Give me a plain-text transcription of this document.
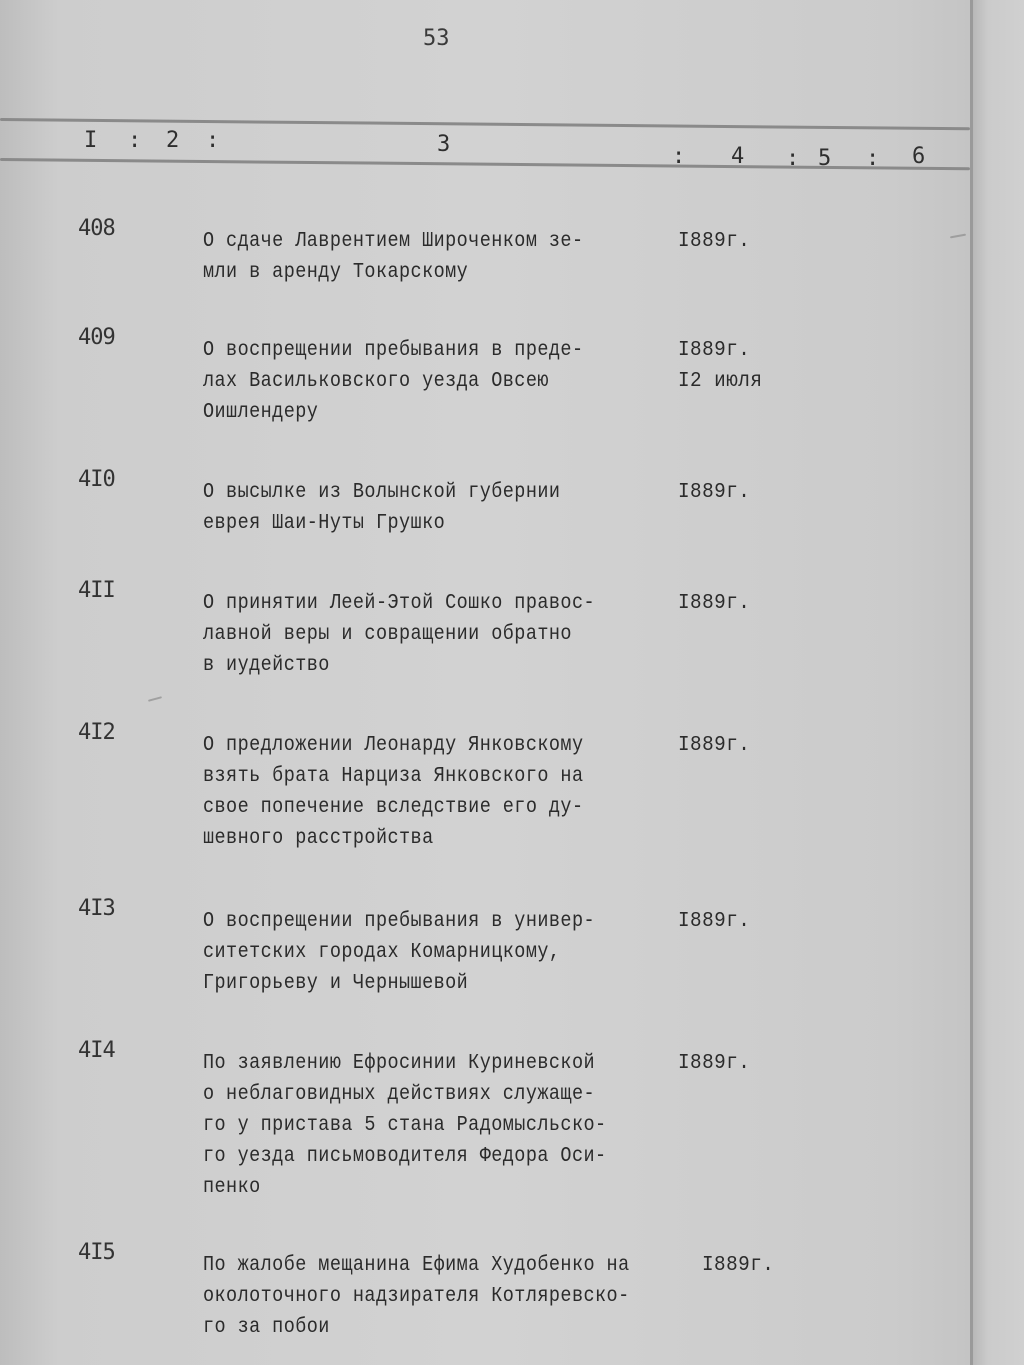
53
I : 2 :	3	: 4 : 5 : 6
408
О сдаче Лаврентием Широченком зе-
мли в аренду Токарскому
I889г.
409
О воспрещении пребывания в преде-
лах Васильковского уезда Овсею
Оишлендеру
I889г.
I2 июля
4I0
О высылке из Волынской губернии
еврея Шаи-Нуты Грушко
I889г.
4II
О принятии Леей-Этой Сошко правос-
лавной веры и совращении обратно
в иудейство
I889г.
4I2
О предложении Леонарду Янковскому
взять брата Нарциза Янковского на
свое попечение вследствие его ду-
шевного расстройства
I889г.
4I3
О воспрещении пребывания в универ-
ситетских городах Комарницкому,
Григорьеву и Чернышевой
I889г.
4I4
По заявлению Ефросинии Куриневской
о неблаговидных действиях служаще-
го у пристава 5 стана Радомысльско-
го уезда письмоводителя Федора Оси-
пенко
I889г.
4I5
По жалобе мещанина Ефима Худобенко на
околоточного надзирателя Котляревско-
го за побои
I889г.
